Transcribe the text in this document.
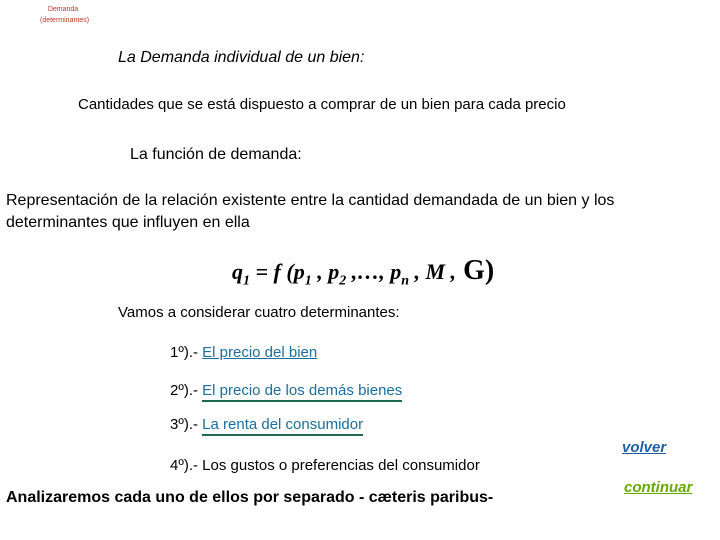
Demanda (determinantes)
La Demanda individual de un bien:
Cantidades que se está dispuesto a comprar de un bien para cada precio
La función de demanda:
Representación de la relación existente entre la cantidad demandada de un bien y los determinantes que influyen en ella
$q_1 = f$ ($p_1$ , $p_2$ ,…, $p_n$ , M , G)
Vamos a considerar cuatro determinantes:
1º).- El precio del bien
2º).- El precio de los demás bienes
3º).- La renta del consumidor
4º).- Los gustos o preferencias del consumidor
Analizaremos cada uno de ellos por separado - cæteris paribus-
volver
continuar
